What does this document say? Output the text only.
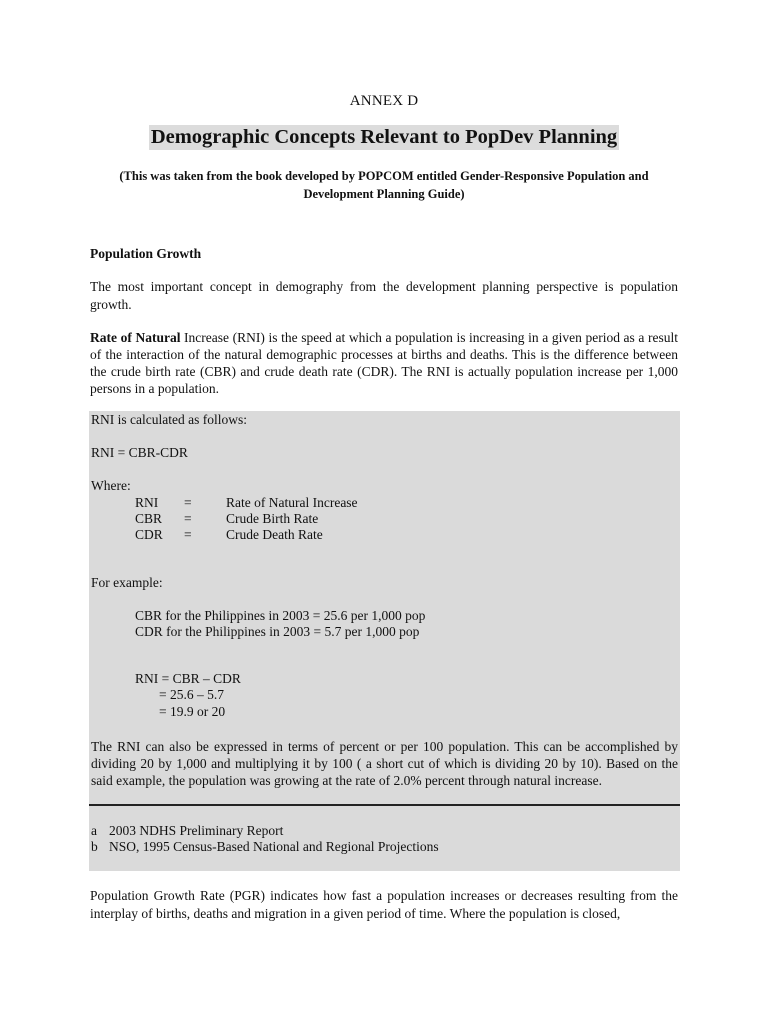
ANNEX D
Demographic Concepts Relevant to PopDev Planning
(This was taken from the book developed by POPCOM entitled Gender-Responsive Population and Development Planning Guide)
Population Growth
The most important concept in demography from the development planning perspective is population growth.
Rate of Natural Increase (RNI) is the speed at which a population is increasing in a given period as a result of the interaction of the natural demographic processes at births and deaths. This is the difference between the crude birth rate (CBR) and crude death rate (CDR). The RNI is actually population increase per 1,000 persons in a population.
RNI is calculated as follows:
RNI = CBR-CDR
Where:
RNI =	Rate of Natural Increase
CBR =	Crude Birth Rate
CDR =	Crude Death Rate
For example:
CBR for the Philippines in 2003 = 25.6 per 1,000 pop
CDR for the Philippines in 2003 = 5.7 per 1,000 pop
RNI = CBR – CDR
= 25.6 – 5.7
= 19.9 or 20
The RNI can also be expressed in terms of percent or per 100 population. This can be accomplished by dividing 20 by 1,000 and multiplying it by 100 ( a short cut of which is dividing 20 by 10). Based on the said example, the population was growing at the rate of 2.0% percent through natural increase.
a 2003 NDHS Preliminary Report
b NSO, 1995 Census-Based National and Regional Projections
Population Growth Rate (PGR) indicates how fast a population increases or decreases resulting from the interplay of births, deaths and migration in a given period of time. Where the population is closed,
